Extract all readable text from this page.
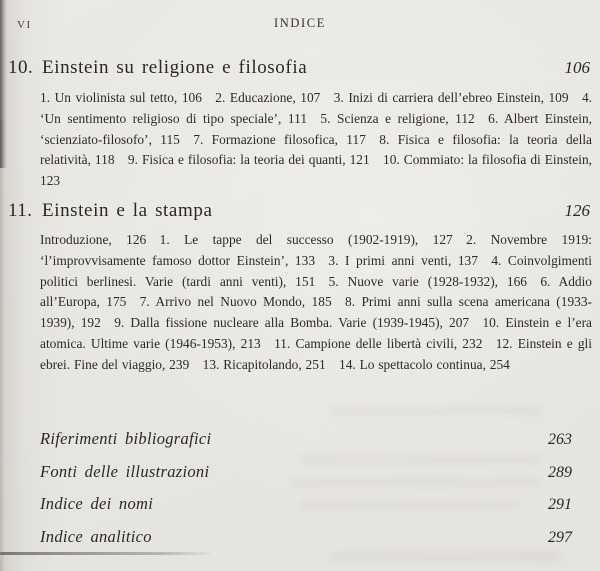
VI	INDICE
10. Einstein su religione e filosofia	106
1. Un violinista sul tetto, 106  2. Educazione, 107  3. Inizi di carriera dell’ebreo Einstein, 109  4. ‘Un sentimento religioso di tipo speciale’, 111  5. Scienza e religione, 112  6. Albert Einstein, ‘scienziato-filosofo’, 115  7. Formazione filosofica, 117  8. Fisica e filosofia: la teoria della relatività, 118  9. Fisica e filosofia: la teoria dei quanti, 121  10. Commiato: la filosofia di Einstein, 123
11. Einstein e la stampa	126
Introduzione, 126  1. Le tappe del successo (1902-1919), 127  2. Novembre 1919: ‘l’improvvisamente famoso dottor Einstein’, 133  3. I primi anni venti, 137  4. Coinvolgimenti politici berlinesi. Varie (tardi anni venti), 151  5. Nuove varie (1928-1932), 166  6. Addio all’Europa, 175  7. Arrivo nel Nuovo Mondo, 185  8. Primi anni sulla scena americana (1933-1939), 192  9. Dalla fissione nucleare alla Bomba. Varie (1939-1945), 207  10. Einstein e l’era atomica. Ultime varie (1946-1953), 213  11. Campione delle libertà civili, 232  12. Einstein e gli ebrei. Fine del viaggio, 239  13. Ricapitolando, 251  14. Lo spettacolo continua, 254
Riferimenti bibliografici	263
Fonti delle illustrazioni	289
Indice dei nomi	291
Indice analitico	297
